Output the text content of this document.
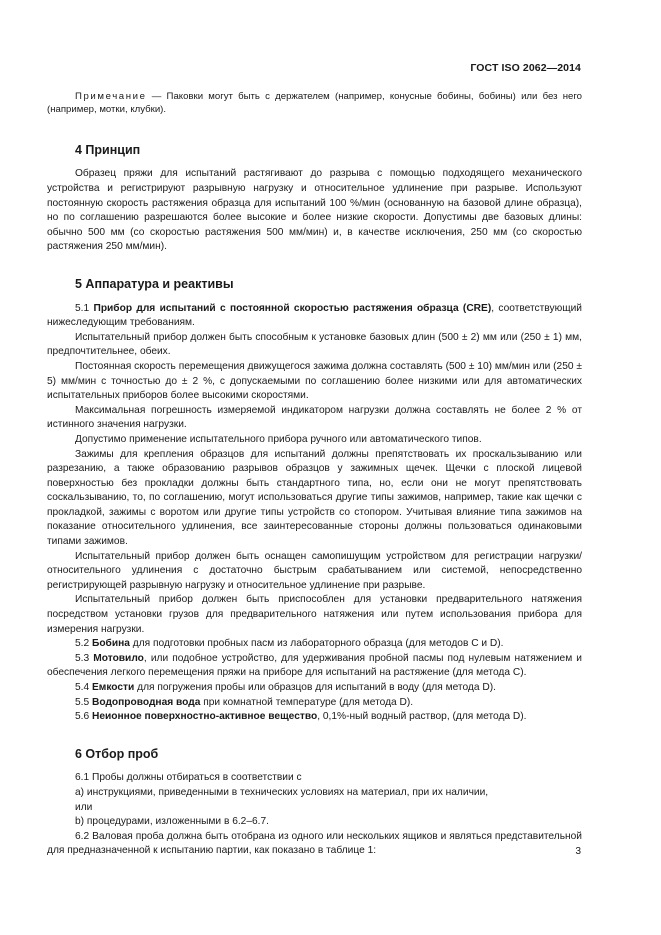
ГОСТ ISO 2062—2014

Примечание — Паковки могут быть с держателем (например, конусные бобины, бобины) или без него (например, мотки, клубки).

4 Принцип

Образец пряжи для испытаний растягивают до разрыва с помощью подходящего механического устройства и регистрируют разрывную нагрузку и относительное удлинение при разрыве. Используют постоянную скорость растяжения образца для испытаний 100 %/мин (основанную на базовой длине образца), но по соглашению разрешаются более высокие и более низкие скорости. Допустимы две базовых длины: обычно 500 мм (со скоростью растяжения 500 мм/мин) и, в качестве исключения, 250 мм (со скоростью растяжения 250 мм/мин).

5 Аппаратура и реактивы

5.1 Прибор для испытаний с постоянной скоростью растяжения образца (CRE), соответствующий нижеследующим требованиям.

Испытательный прибор должен быть способным к установке базовых длин (500 ± 2) мм или (250 ± 1) мм, предпочтительнее, обеих.

Постоянная скорость перемещения движущегося зажима должна составлять (500 ± 10) мм/мин или (250 ± 5) мм/мин с точностью до ± 2 %, с допускаемыми по соглашению более низкими или для автоматических испытательных приборов более высокими скоростями.

Максимальная погрешность измеряемой индикатором нагрузки должна составлять не более 2 % от истинного значения нагрузки.

Допустимо применение испытательного прибора ручного или автоматического типов.

Зажимы для крепления образцов для испытаний должны препятствовать их проскальзыванию или разрезанию, а также образованию разрывов образцов у зажимных щечек. Щечки с плоской лицевой поверхностью без прокладки должны быть стандартного типа, но, если они не могут препятствовать соскальзыванию, то, по соглашению, могут использоваться другие типы зажимов, например, такие как щечки с прокладкой, зажимы с воротом или другие типы устройств со стопором. Учитывая влияние типа зажимов на показание относительного удлинения, все заинтересованные стороны должны пользоваться одинаковыми типами зажимов.

Испытательный прибор должен быть оснащен самопишущим устройством для регистрации нагрузки/относительного удлинения с достаточно быстрым срабатыванием или системой, непосредственно регистрирующей разрывную нагрузку и относительное удлинение при разрыве.

Испытательный прибор должен быть приспособлен для установки предварительного натяжения посредством установки грузов для предварительного натяжения или путем использования прибора для измерения нагрузки.

5.2 Бобина для подготовки пробных пасм из лабораторного образца (для методов C и D).

5.3 Мотовило, или подобное устройство, для удерживания пробной пасмы под нулевым натяжением и обеспечения легкого перемещения пряжи на приборе для испытаний на растяжение (для метода C).

5.4 Емкости для погружения пробы или образцов для испытаний в воду (для метода D).

5.5 Водопроводная вода при комнатной температуре (для метода D).

5.6 Неионное поверхностно-активное вещество, 0,1%-ный водный раствор, (для метода D).

6 Отбор проб

6.1 Пробы должны отбираться в соответствии с

a) инструкциями, приведенными в технических условиях на материал, при их наличии,

или

b) процедурами, изложенными в 6.2–6.7.

6.2 Валовая проба должна быть отобрана из одного или нескольких ящиков и являться представительной для предназначенной к испытанию партии, как показано в таблице 1:	3
